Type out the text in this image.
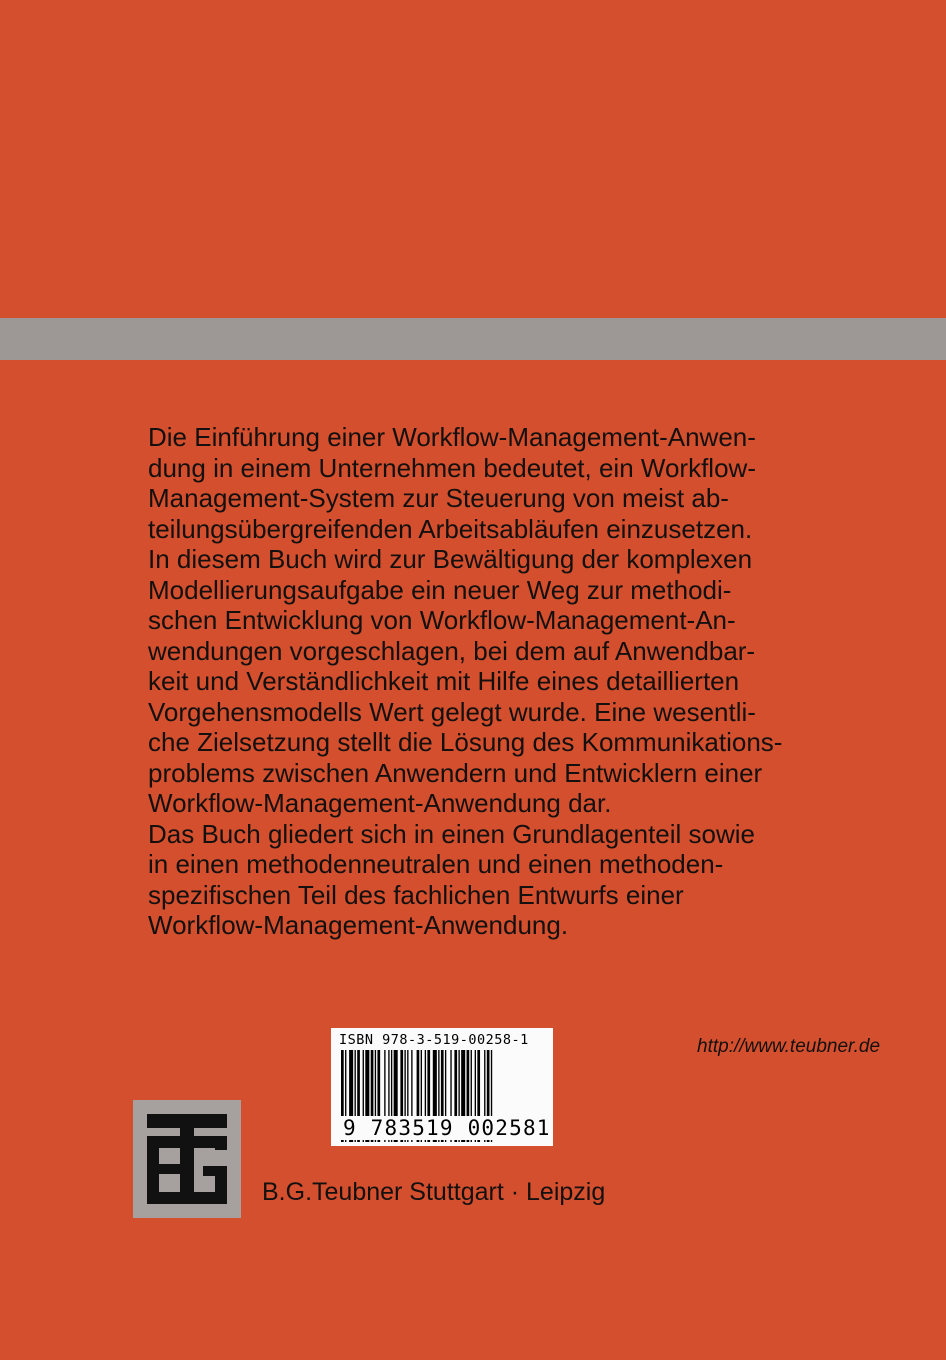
Die Einführung einer Workflow-Management-Anwen-
dung in einem Unternehmen bedeutet, ein Workflow-
Management-System zur Steuerung von meist ab-
teilungsübergreifenden Arbeitsabläufen einzusetzen.
In diesem Buch wird zur Bewältigung der komplexen
Modellierungsaufgabe ein neuer Weg zur methodi-
schen Entwicklung von Workflow-Management-An-
wendungen vorgeschlagen, bei dem auf Anwendbar-
keit und Verständlichkeit mit Hilfe eines detaillierten
Vorgehensmodells Wert gelegt wurde. Eine wesentli-
che Zielsetzung stellt die Lösung des Kommunikations-
problems zwischen Anwendern und Entwicklern einer
Workflow-Management-Anwendung dar.
Das Buch gliedert sich in einen Grundlagenteil sowie
in einen methodenneutralen und einen methoden-
spezifischen Teil des fachlichen Entwurfs einer
Workflow-Management-Anwendung.
ISBN 978-3-519-00258-1
9 783519 002581
http://www.teubner.de
B.G.Teubner Stuttgart · Leipzig
